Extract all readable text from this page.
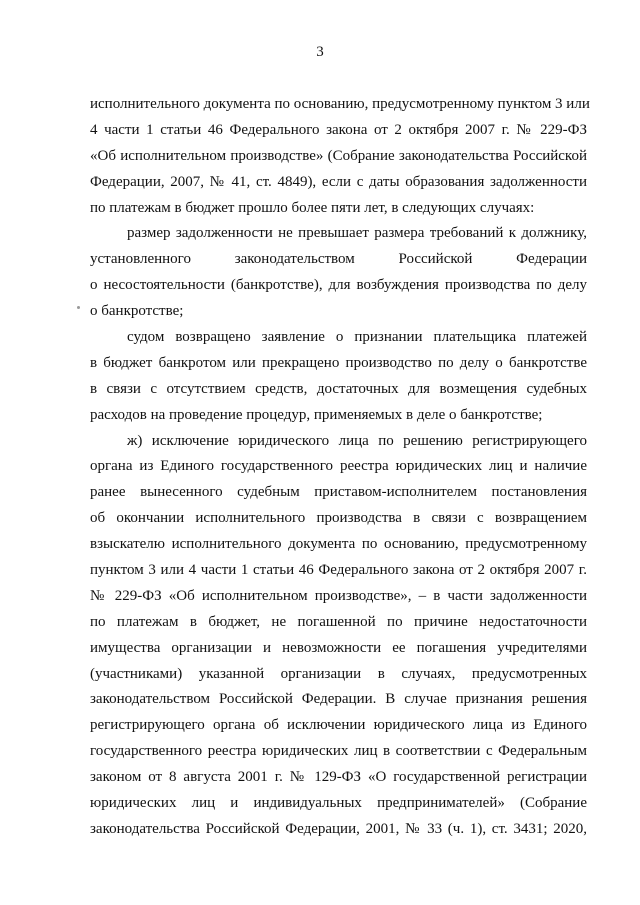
3
исполнительного документа по основанию, предусмотренному пунктом 3 или
4 части 1 статьи 46 Федерального закона от 2 октября 2007 г. № 229-ФЗ
«Об исполнительном производстве» (Собрание законодательства Российской
Федерации, 2007, № 41, ст. 4849), если с даты образования задолженности
по платежам в бюджет прошло более пяти лет, в следующих случаях:
размер задолженности не превышает размера требований к должнику,
установленного законодательством Российской Федерации
о несостоятельности (банкротстве), для возбуждения производства по делу
о банкротстве;
судом возвращено заявление о признании плательщика платежей
в бюджет банкротом или прекращено производство по делу о банкротстве
в связи с отсутствием средств, достаточных для возмещения судебных
расходов на проведение процедур, применяемых в деле о банкротстве;
ж) исключение юридического лица по решению регистрирующего
органа из Единого государственного реестра юридических лиц и наличие
ранее вынесенного судебным приставом-исполнителем постановления
об окончании исполнительного производства в связи с возвращением
взыскателю исполнительного документа по основанию, предусмотренному
пунктом 3 или 4 части 1 статьи 46 Федерального закона от 2 октября 2007 г.
№ 229-ФЗ «Об исполнительном производстве», – в части задолженности
по платежам в бюджет, не погашенной по причине недостаточности
имущества организации и невозможности ее погашения учредителями
(участниками) указанной организации в случаях, предусмотренных
законодательством Российской Федерации. В случае признания решения
регистрирующего органа об исключении юридического лица из Единого
государственного реестра юридических лиц в соответствии с Федеральным
законом от 8 августа 2001 г. № 129-ФЗ «О государственной регистрации
юридических лиц и индивидуальных предпринимателей» (Собрание
законодательства Российской Федерации, 2001, № 33 (ч. 1), ст. 3431; 2020,
